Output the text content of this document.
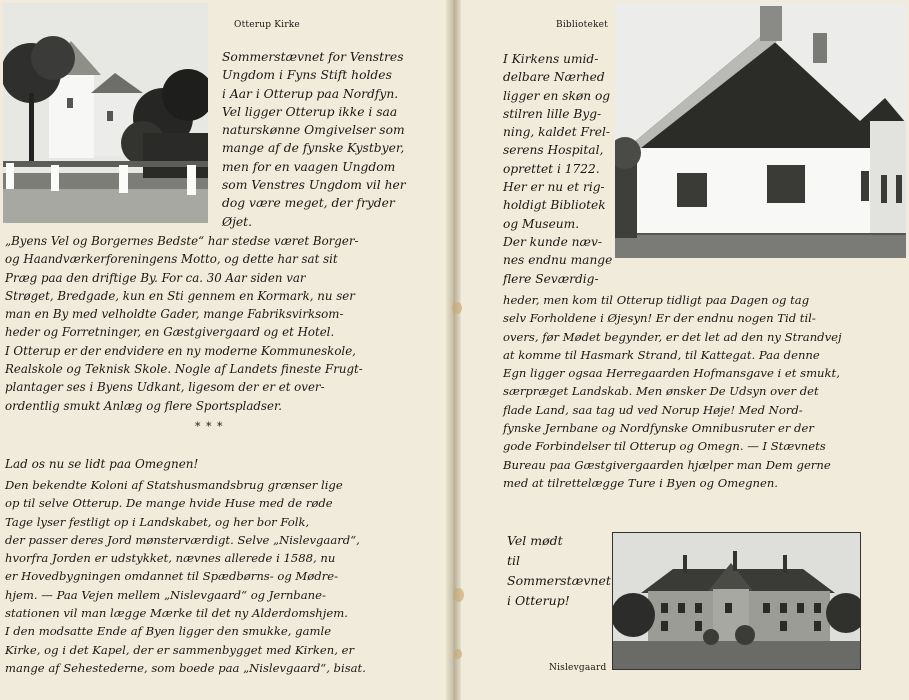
Otterup Kirke
Sommerstævnet for Venstres
Ungdom i Fyns Stift holdes
i Aar i Otterup paa Nordfyn.
Vel ligger Otterup ikke i saa
naturskønne Omgivelser som
mange af de fynske Kystbyer,
men for en vaagen Ungdom
som Venstres Ungdom vil her
dog være meget, der fryder
Øjet.
„Byens Vel og Borgernes Bedste“ har stedse været Borger-
og Haandværkerforeningens Motto, og dette har sat sit
Præg paa den driftige By. For ca. 30 Aar siden var
Strøget, Bredgade, kun en Sti gennem en Kormark, nu ser
man en By med velholdte Gader, mange Fabriksvirksom-
heder og Forretninger, en Gæstgivergaard og et Hotel.
I Otterup er der endvidere en ny moderne Kommuneskole,
Realskole og Teknisk Skole. Nogle af Landets fineste Frugt-
plantager ses i Byens Udkant, ligesom der er et over-
ordentlig smukt Anlæg og flere Sportspladser.
* * *
Lad os nu se lidt paa Omegnen!
Den bekendte Koloni af Statshusmandsbrug grænser lige
op til selve Otterup. De mange hvide Huse med de røde
Tage lyser festligt op i Landskabet, og her bor Folk,
der passer deres Jord mønsterværdigt. Selve „Nislevgaard“,
hvorfra Jorden er udstykket, nævnes allerede i 1588, nu
er Hovedbygningen omdannet til Spædbørns- og Mødre-
hjem. — Paa Vejen mellem „Nislevgaard“ og Jernbane-
stationen vil man lægge Mærke til det ny Alderdomshjem.
I den modsatte Ende af Byen ligger den smukke, gamle
Kirke, og i det Kapel, der er sammenbygget med Kirken, er
mange af Sehestederne, som boede paa „Nislevgaard“, bisat.
Biblioteket
I Kirkens umid-
delbare Nærhed
ligger en skøn og
stilren lille Byg-
ning, kaldet Frel-
serens Hospital,
oprettet i 1722.
Her er nu et rig-
holdigt Bibliotek
og Museum.
Der kunde næv-
nes endnu mange
flere Seværdig-
heder, men kom til Otterup tidligt paa Dagen og tag
selv Forholdene i Øjesyn! Er der endnu nogen Tid til-
overs, før Mødet begynder, er det let ad den ny Strandvej
at komme til Hasmark Strand, til Kattegat. Paa denne
Egn ligger ogsaa Herregaarden Hofmansgave i et smukt,
særpræget Landskab. Men ønsker De Udsyn over det
flade Land, saa tag ud ved Norup Høje! Med Nord-
fynske Jernbane og Nordfynske Omnibusruter er der
gode Forbindelser til Otterup og Omegn. — I Stævnets
Bureau paa Gæstgivergaarden hjælper man Dem gerne
med at tilrettelægge Ture i Byen og Omegnen.
Vel mødt
til
Sommerstævnet
i Otterup!
Nislevgaard
